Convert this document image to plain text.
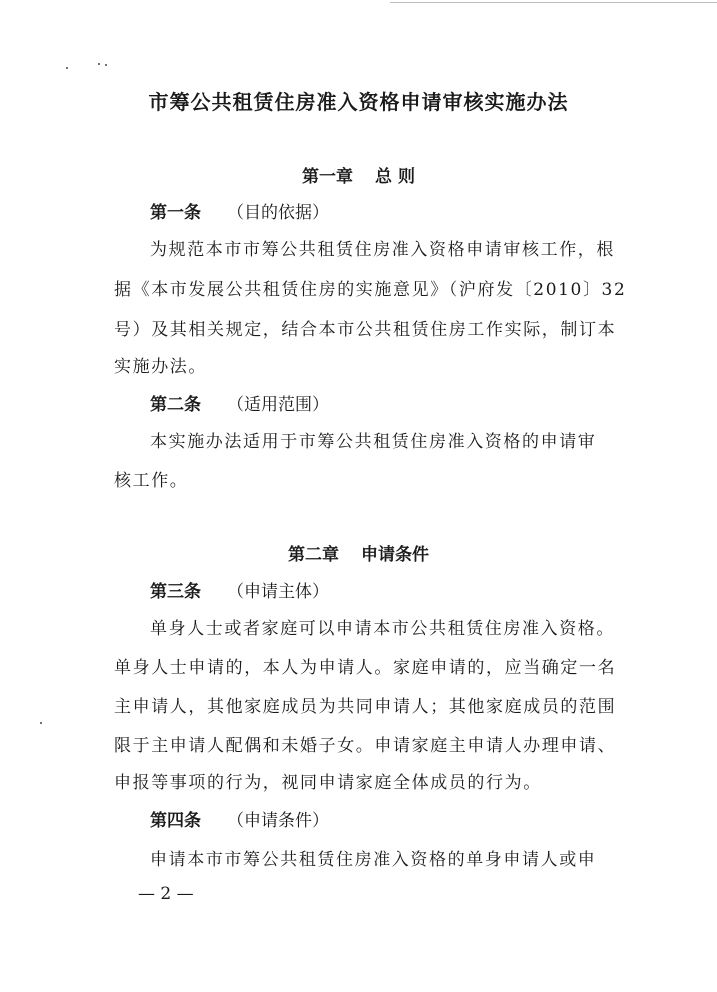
市筹公共租赁住房准入资格申请审核实施办法
第一章 总 则
第一条 （目的依据）
为规范本市市筹公共租赁住房准入资格申请审核工作，根
据《本市发展公共租赁住房的实施意见》（沪府发〔2010〕32
号）及其相关规定，结合本市公共租赁住房工作实际，制订本
实施办法。
第二条 （适用范围）
本实施办法适用于市筹公共租赁住房准入资格的申请审
核工作。
第二章 申请条件
第三条 （申请主体）
单身人士或者家庭可以申请本市公共租赁住房准入资格。
单身人士申请的，本人为申请人。家庭申请的，应当确定一名
主申请人，其他家庭成员为共同申请人；其他家庭成员的范围
限于主申请人配偶和未婚子女。申请家庭主申请人办理申请、
申报等事项的行为，视同申请家庭全体成员的行为。
第四条 （申请条件）
申请本市市筹公共租赁住房准入资格的单身申请人或申
— 2 —
